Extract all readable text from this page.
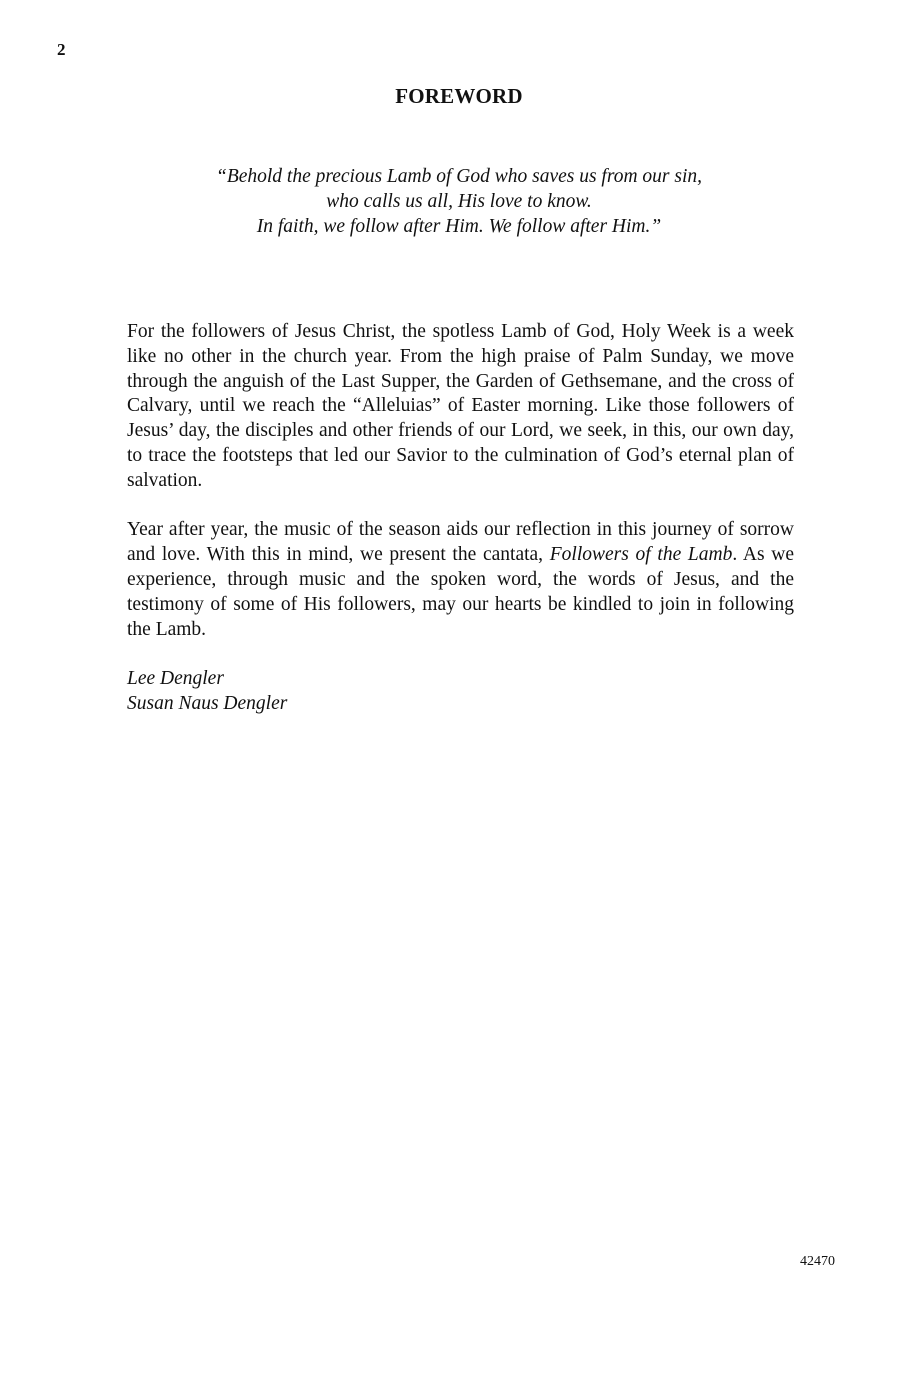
2
FOREWORD
“Behold the precious Lamb of God who saves us from our sin,
who calls us all, His love to know.
In faith, we follow after Him. We follow after Him.”

For the followers of Jesus Christ, the spotless Lamb of God, Holy Week is a week like no other in the church year. From the high praise of Palm Sunday, we move through the anguish of the Last Supper, the Garden of Gethsemane, and the cross of Calvary, until we reach the “Alleluias” of Easter morning. Like those followers of Jesus’ day, the disciples and other friends of our Lord, we seek, in this, our own day, to trace the footsteps that led our Savior to the culmination of God’s eternal plan of salvation.

Year after year, the music of the season aids our reflection in this journey of sorrow and love. With this in mind, we present the cantata, Followers of the Lamb. As we experience, through music and the spoken word, the words of Jesus, and the testimony of some of His followers, may our hearts be kindled to join in following the Lamb.

Lee Dengler
Susan Naus Dengler
42470
